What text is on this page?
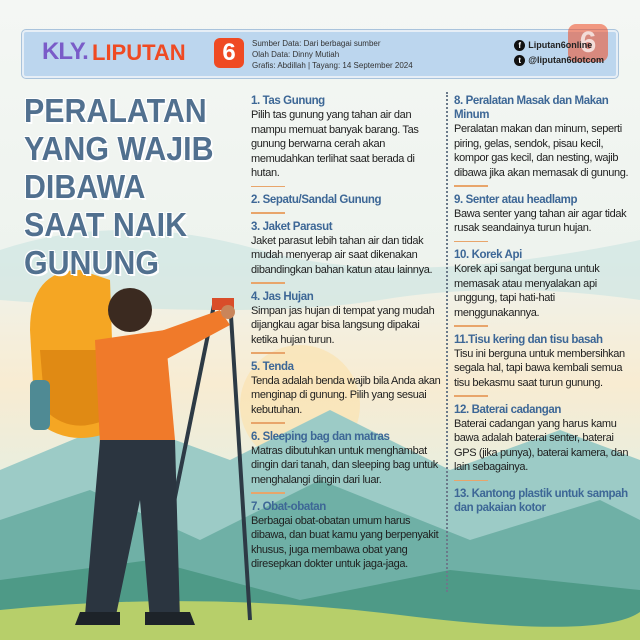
6
KLY. LIPUTAN	6	Sumber Data: Dari berbagai sumber
Olah Data: Dinny Mutiah
Grafis: Abdillah | Tayang: 14 September 2024
f Liputan6online
t @liputan6dotcom
PERALATAN
YANG WAJIB
DIBAWA
SAAT NAIK
GUNUNG
1. Tas Gunung

Pilih tas gunung yang tahan air dan mampu memuat banyak barang. Tas gunung berwarna cerah akan memudahkan terlihat saat berada di hutan.

2. Sepatu/Sandal Gunung
3. Jaket Parasut

Jaket parasut lebih tahan air dan tidak mudah menyerap air saat dikenakan dibandingkan bahan katun atau lainnya.

4. Jas Hujan

Simpan jas hujan di tempat yang mudah dijangkau agar bisa langsung dipakai ketika hujan turun.

5. Tenda

Tenda adalah benda wajib bila Anda akan menginap di gunung. Pilih yang sesuai kebutuhan.

6. Sleeping bag dan matras

Matras dibutuhkan untuk menghambat dingin dari tanah, dan sleeping bag untuk menghalangi dingin dari luar.

7. Obat-obatan

Berbagai obat-obatan umum harus dibawa, dan buat kamu yang berpenyakit khusus, juga membawa obat yang diresepkan dokter untuk jaga-jaga.

8. Peralatan Masak dan Makan Minum

Peralatan makan dan minum, seperti piring, gelas, sendok, pisau kecil, kompor gas kecil, dan nesting, wajib dibawa jika akan memasak di gunung.

9. Senter atau headlamp

Bawa senter yang tahan air agar tidak rusak seandainya turun hujan.

10. Korek Api

Korek api sangat berguna untuk memasak atau menyalakan api unggung, tapi hati-hati menggunakannya.

11.Tisu kering dan tisu basah

Tisu ini berguna untuk membersihkan segala hal, tapi bawa kembali semua tisu bekasmu saat turun gunung.

12. Baterai cadangan

Baterai cadangan yang harus kamu bawa adalah baterai senter, baterai GPS (jika punya), baterai kamera, dan lain sebagainya.

13. Kantong plastik untuk sampah dan pakaian kotor
